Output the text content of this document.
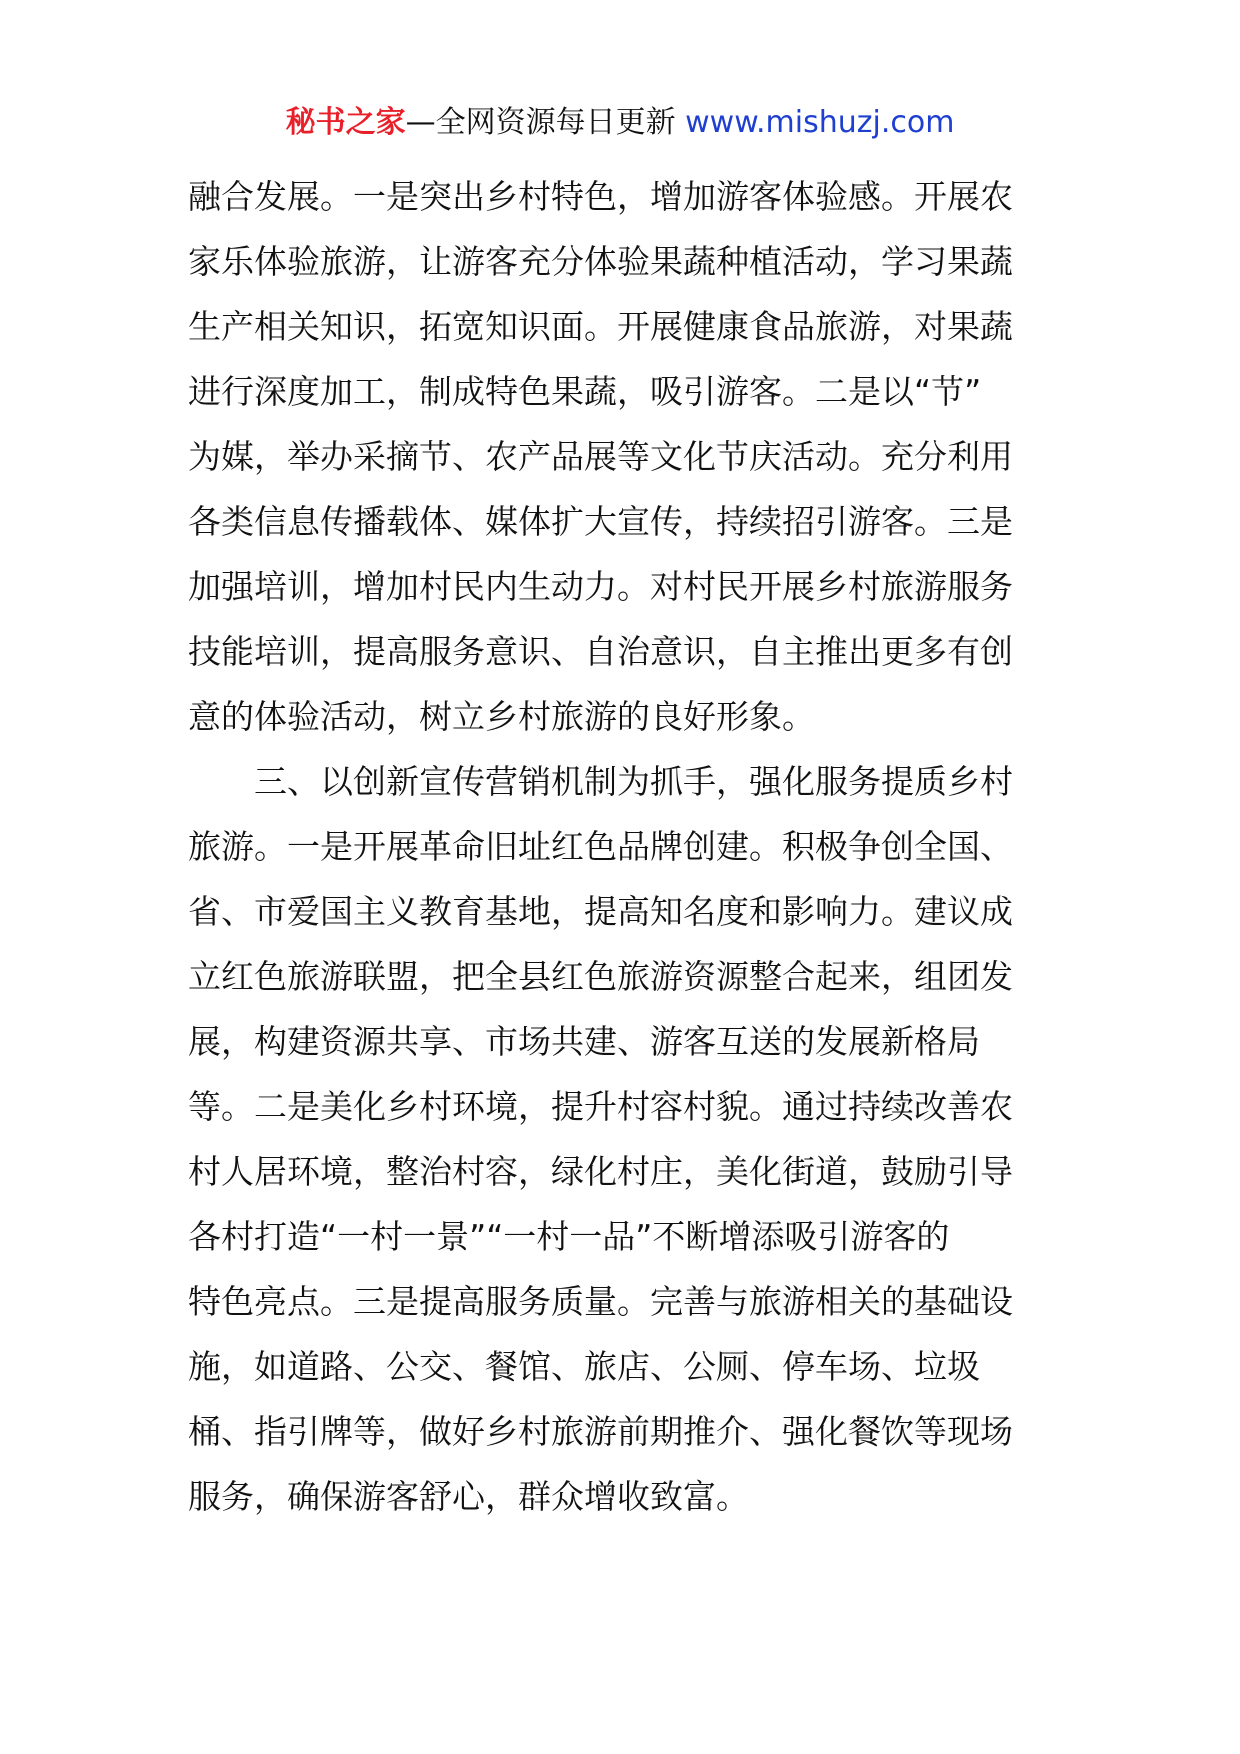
秘书之家—全网资源每日更新 www.mishuzj.com
融合发展。一是突出乡村特色，增加游客体验感。开展农
家乐体验旅游，让游客充分体验果蔬种植活动，学习果蔬
生产相关知识，拓宽知识面。开展健康食品旅游，对果蔬
进行深度加工，制成特色果蔬，吸引游客。二是以“节”
为媒，举办采摘节、农产品展等文化节庆活动。充分利用
各类信息传播载体、媒体扩大宣传，持续招引游客。三是
加强培训，增加村民内生动力。对村民开展乡村旅游服务
技能培训，提高服务意识、自治意识，自主推出更多有创
意的体验活动，树立乡村旅游的良好形象。
三、以创新宣传营销机制为抓手，强化服务提质乡村
旅游。一是开展革命旧址红色品牌创建。积极争创全国、
省、市爱国主义教育基地，提高知名度和影响力。建议成
立红色旅游联盟，把全县红色旅游资源整合起来，组团发
展，构建资源共享、市场共建、游客互送的发展新格局
等。二是美化乡村环境，提升村容村貌。通过持续改善农
村人居环境，整治村容，绿化村庄，美化街道，鼓励引导
各村打造“一村一景”“一村一品”不断增添吸引游客的
特色亮点。三是提高服务质量。完善与旅游相关的基础设
施，如道路、公交、餐馆、旅店、公厕、停车场、垃圾
桶、指引牌等，做好乡村旅游前期推介、强化餐饮等现场
服务，确保游客舒心，群众增收致富。
